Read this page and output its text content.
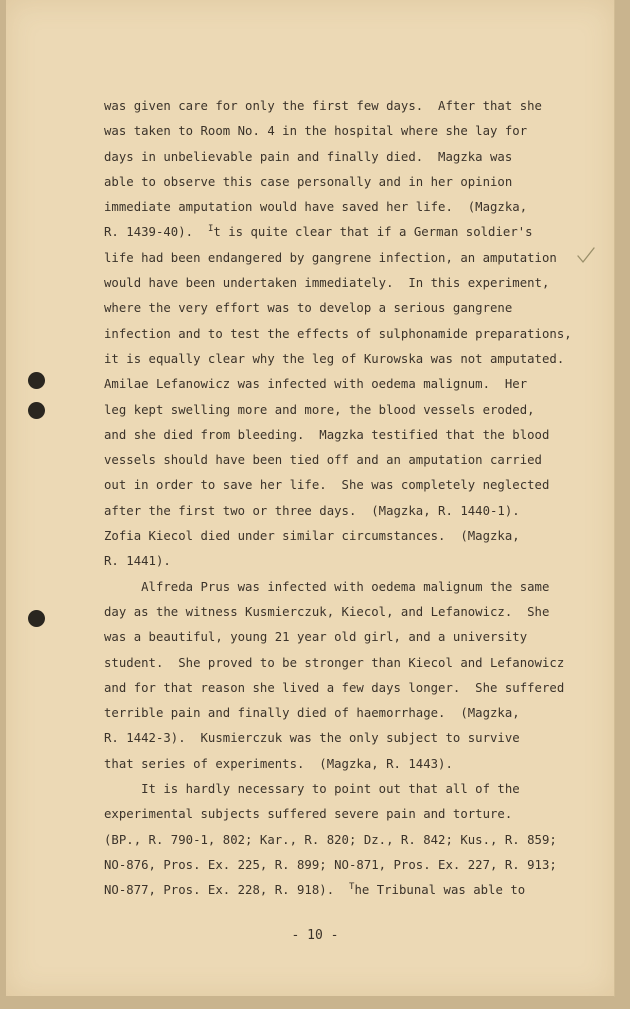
was given care for only the first few days.  After that she
was taken to Room No. 4 in the hospital where she lay for
days in unbelievable pain and finally died.  Magzka was
able to observe this case personally and in her opinion
immediate amputation would have saved her life.  (Magzka,
R. 1439-40).  $^I$t is quite clear that if a German soldier's
life had been endangered by gangrene infection, an amputation
would have been undertaken immediately.  In this experiment,
where the very effort was to develop a serious gangrene
infection and to test the effects of sulphonamide preparations,
it is equally clear why the leg of Kurowska was not amputated.
Amilae Lefanowicz was infected with oedema malignum.  Her
leg kept swelling more and more, the blood vessels eroded,
and she died from bleeding.  Magzka testified that the blood
vessels should have been tied off and an amputation carried
out in order to save her life.  She was completely neglected
after the first two or three days.  (Magzka, R. 1440-1).
Zofia Kiecol died under similar circumstances.  (Magzka,
R. 1441).
Alfreda Prus was infected with oedema malignum the same
day as the witness Kusmierczuk, Kiecol, and Lefanowicz.  She
was a beautiful, young 21 year old girl, and a university
student.  She proved to be stronger than Kiecol and Lefanowicz
and for that reason she lived a few days longer.  She suffered
terrible pain and finally died of haemorrhage.  (Magzka,
R. 1442-3).  Kusmierczuk was the only subject to survive
that series of experiments.  (Magzka, R. 1443).
It is hardly necessary to point out that all of the
experimental subjects suffered severe pain and torture.
(BP., R. 790-1, 802; Kar., R. 820; Dz., R. 842; Kus., R. 859;
NO-876, Pros. Ex. 225, R. 899; NO-871, Pros. Ex. 227, R. 913;
NO-877, Pros. Ex. 228, R. 918).  $^T$he Tribunal was able to
- 10 -
